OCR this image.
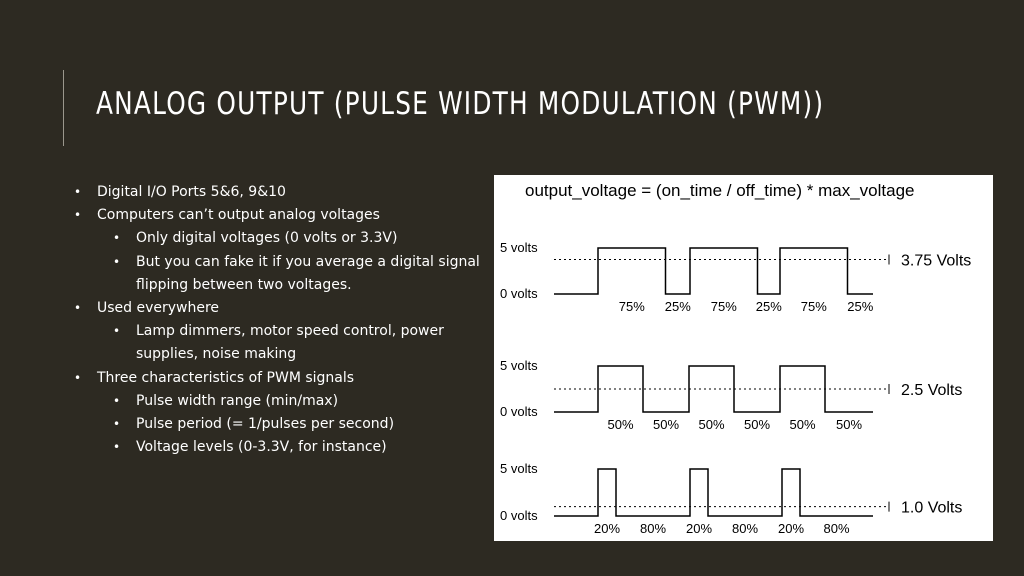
ANALOG OUTPUT (PULSE WIDTH MODULATION (PWM))
• Digital I/O Ports 5&6, 9&10
• Computers can’t output analog voltages
• Only digital voltages (0 volts or 3.3V)
• But you can fake it if you average a digital signal flipping between two voltages.
• Used everywhere
• Lamp dimmers, motor speed control, power supplies, noise making
• Three characteristics of PWM signals
• Pulse width range (min/max)
• Pulse period (= 1/pulses per second)
• Voltage levels (0-3.3V, for instance)
output_voltage = (on_time / off_time) * max_voltage
5 volts
0 volts
3.75 Volts
75% 25% 75% 25% 75% 25%
5 volts
0 volts
2.5 Volts
50% 50% 50% 50% 50% 50%
5 volts
0 volts	1.0 Volts
20% 80% 20% 80% 20% 80%
